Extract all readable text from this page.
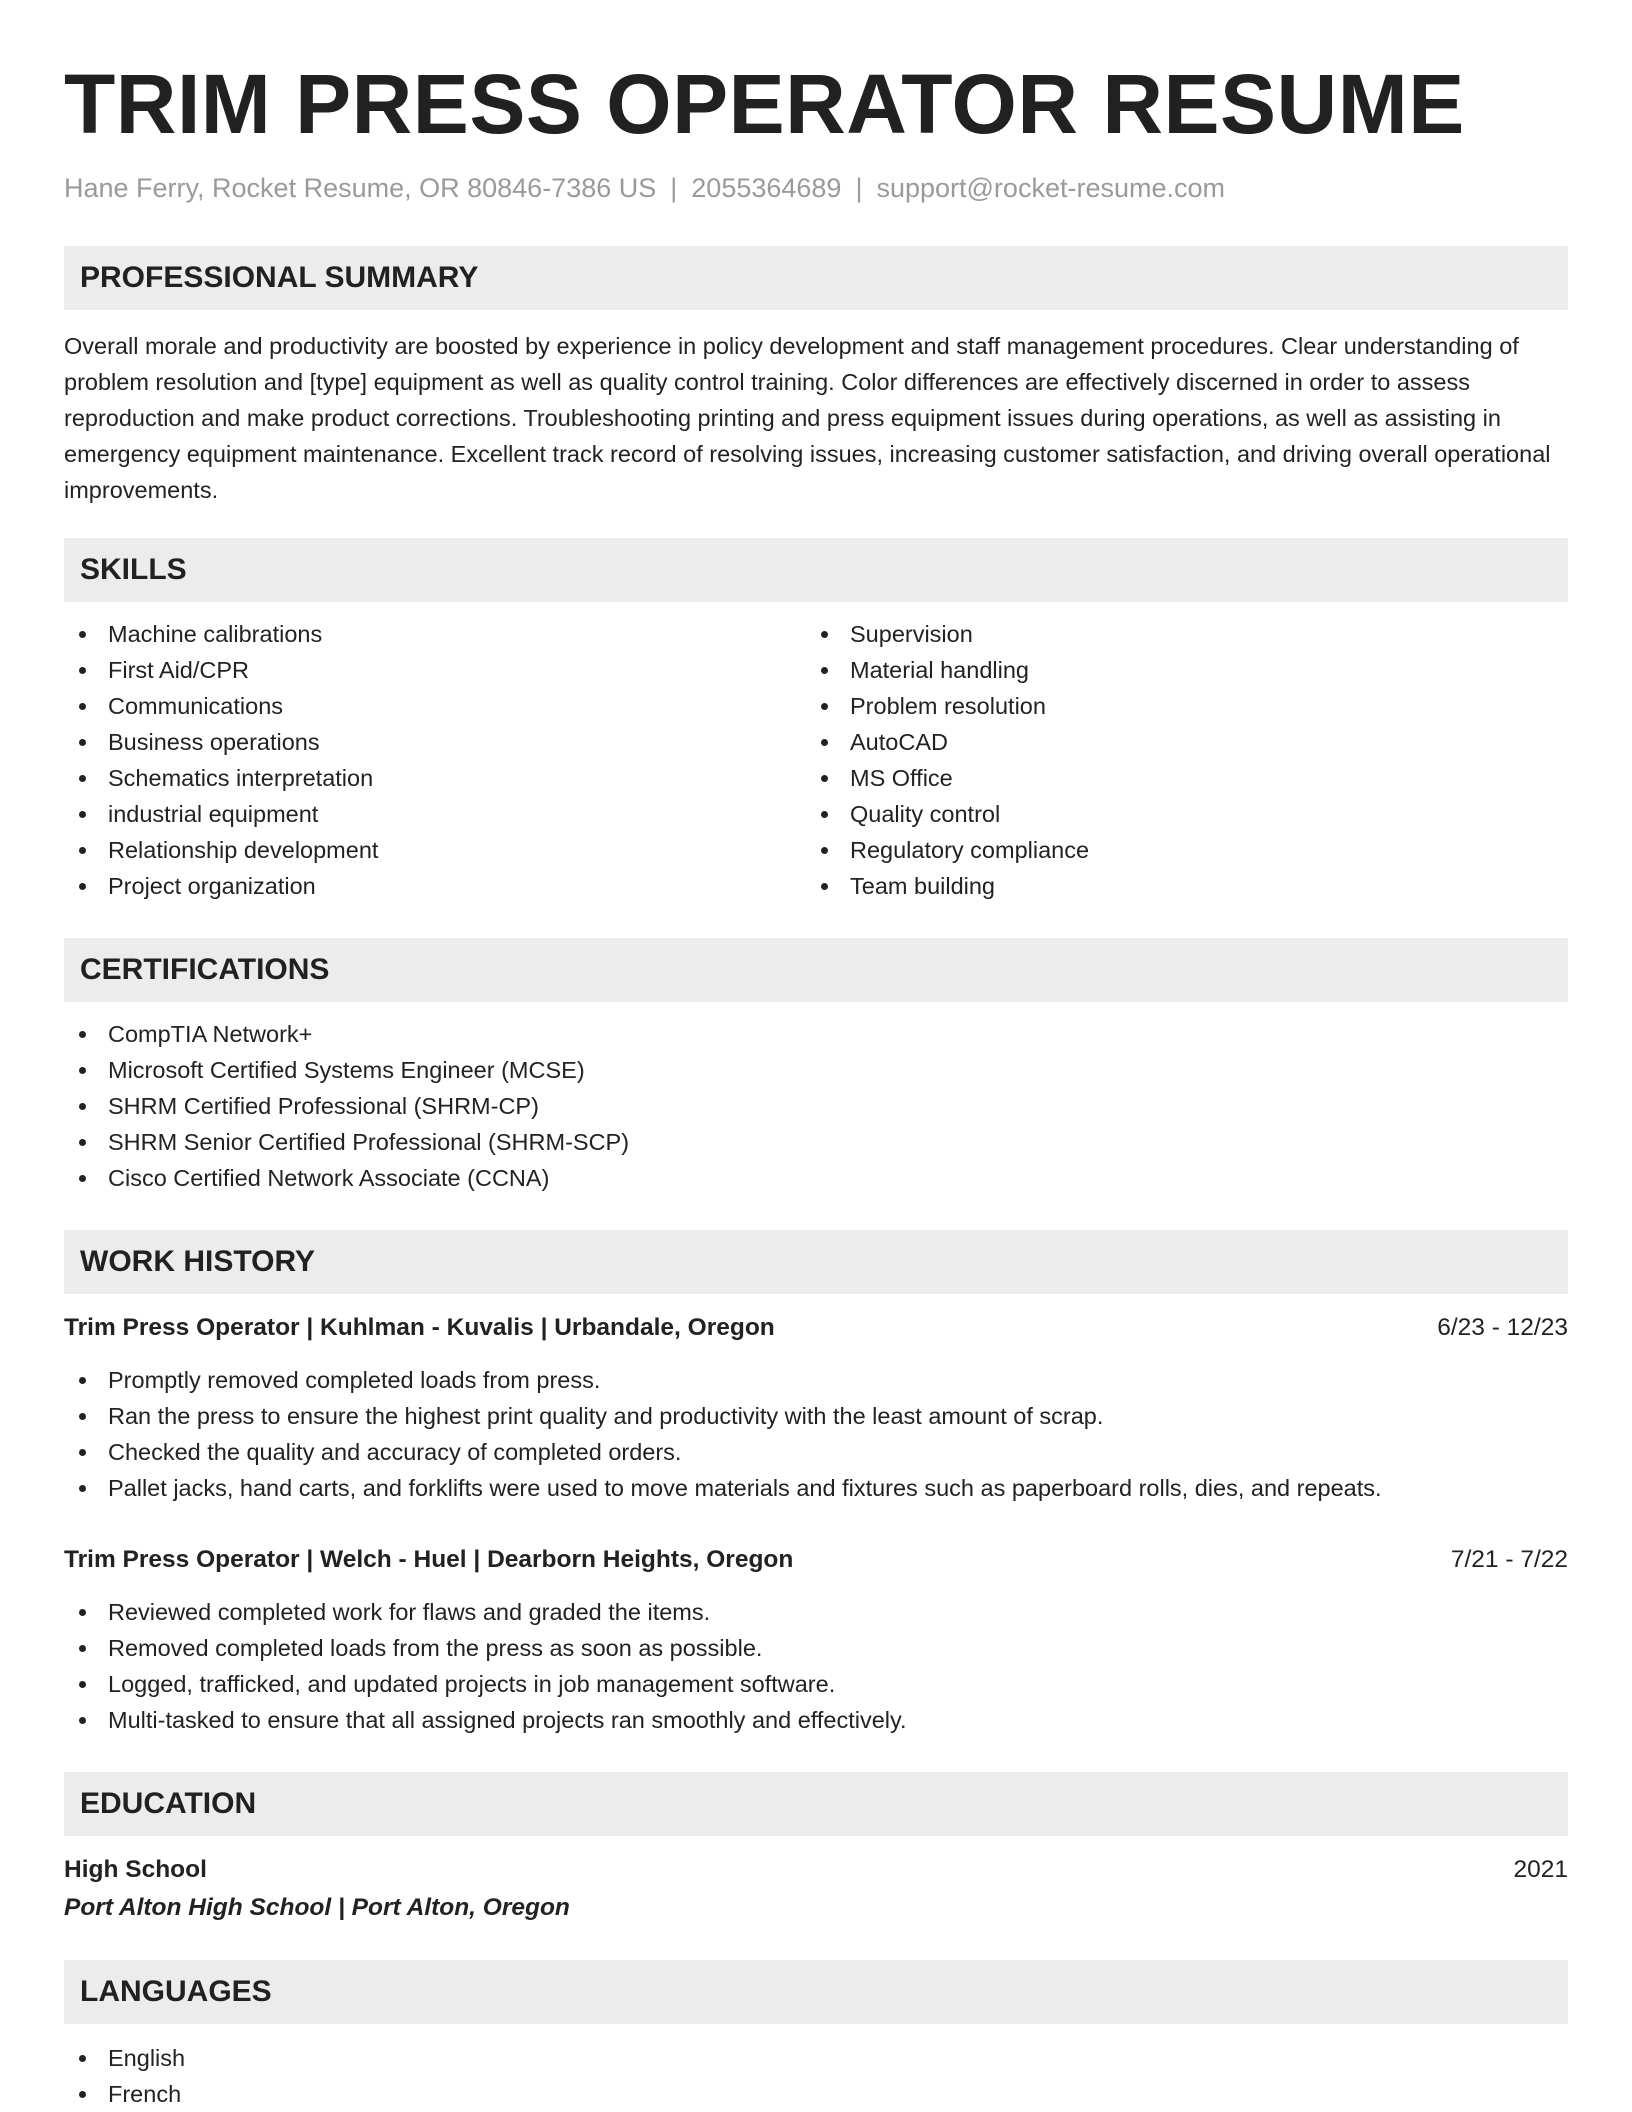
TRIM PRESS OPERATOR RESUME
Hane Ferry, Rocket Resume, OR 80846-7386 US | 2055364689 | support@rocket-resume.com
PROFESSIONAL SUMMARY

Overall morale and productivity are boosted by experience in policy development and staff management procedures. Clear understanding of problem resolution and [type] equipment as well as quality control training. Color differences are effectively discerned in order to assess reproduction and make product corrections. Troubleshooting printing and press equipment issues during operations, as well as assisting in emergency equipment maintenance. Excellent track record of resolving issues, increasing customer satisfaction, and driving overall operational improvements.

SKILLS
Machine calibrations
First Aid/CPR
Communications
Business operations
Schematics interpretation
industrial equipment
Relationship development
Project organization
Supervision
Material handling
Problem resolution
AutoCAD
MS Office
Quality control
Regulatory compliance
Team building
CERTIFICATIONS
CompTIA Network+
Microsoft Certified Systems Engineer (MCSE)
SHRM Certified Professional (SHRM-CP)
SHRM Senior Certified Professional (SHRM-SCP)
Cisco Certified Network Associate (CCNA)
WORK HISTORY
Trim Press Operator | Kuhlman - Kuvalis | Urbandale, Oregon	6/23 - 12/23
Promptly removed completed loads from press.
Ran the press to ensure the highest print quality and productivity with the least amount of scrap.
Checked the quality and accuracy of completed orders.
Pallet jacks, hand carts, and forklifts were used to move materials and fixtures such as paperboard rolls, dies, and repeats.
Trim Press Operator | Welch - Huel | Dearborn Heights, Oregon	7/21 - 7/22
Reviewed completed work for flaws and graded the items.
Removed completed loads from the press as soon as possible.
Logged, trafficked, and updated projects in job management software.
Multi-tasked to ensure that all assigned projects ran smoothly and effectively.
EDUCATION
High School	2021
Port Alton High School | Port Alton, Oregon
LANGUAGES
English
French
